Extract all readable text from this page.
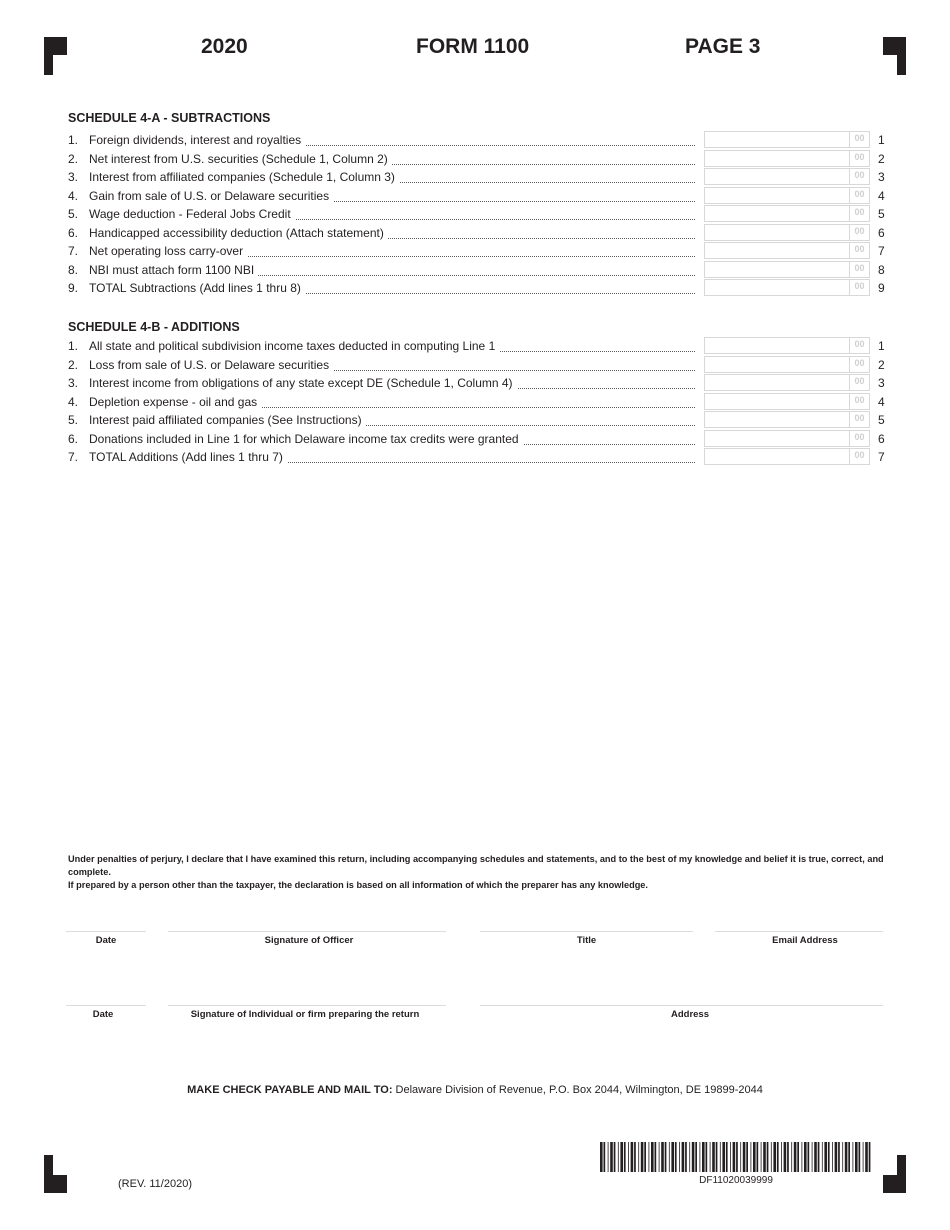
2020	FORM 1100	PAGE 3
SCHEDULE 4-A - SUBTRACTIONS
1. Foreign dividends, interest and royalties	00	1
2. Net interest from U.S. securities (Schedule 1, Column 2)	00	2
3. Interest from affiliated companies (Schedule 1, Column 3)	00	3
4. Gain from sale of U.S. or Delaware securities	00	4
5. Wage deduction - Federal Jobs Credit	00	5
6. Handicapped accessibility deduction (Attach statement)	00	6
7. Net operating loss carry-over	00	7
8. NBI must attach form 1100 NBI	00	8
9. TOTAL Subtractions (Add lines 1 thru 8)	00	9
SCHEDULE 4-B - ADDITIONS
1. All state and political subdivision income taxes deducted in computing Line 1	00	1
2. Loss from sale of U.S. or Delaware securities	00	2
3. Interest income from obligations of any state except DE (Schedule 1, Column 4)	00	3
4. Depletion expense - oil and gas	00	4
5. Interest paid affiliated companies (See Instructions)	00	5
6. Donations included in Line 1 for which Delaware income tax credits were granted	00	6
7. TOTAL Additions (Add lines 1 thru 7)	00	7
Under penalties of perjury, I declare that I have examined this return, including accompanying schedules and statements, and to the best of my knowledge and belief it is true, correct, and complete.
If prepared by a person other than the taxpayer, the declaration is based on all information of which the preparer has any knowledge.
Date	Signature of Officer	Title	Email Address
Date	Signature of Individual or firm preparing the return	Address
MAKE CHECK PAYABLE AND MAIL TO: Delaware Division of Revenue, P.O. Box 2044, Wilmington, DE 19899-2044
(REV. 11/2020)	DF11020039999
